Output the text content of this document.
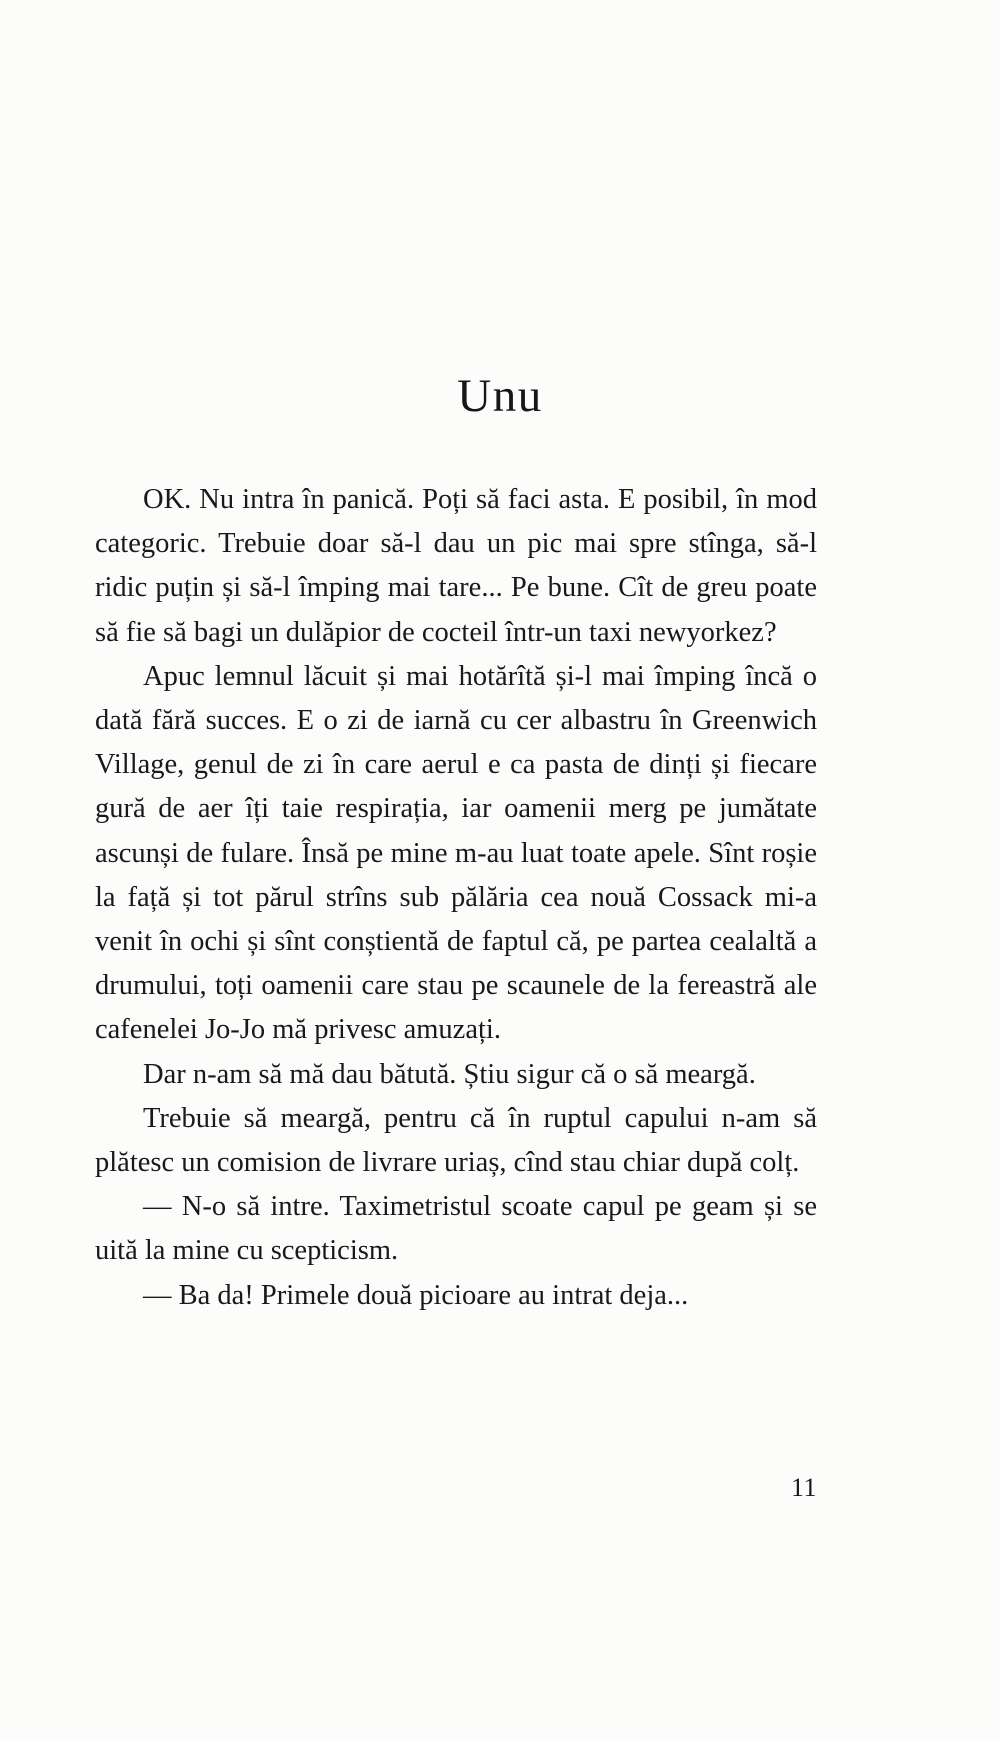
Unu

OK. Nu intra în panică. Poți să faci asta. E posibil, în mod categoric. Trebuie doar să-l dau un pic mai spre stînga, să-l ridic puțin și să-l împing mai tare... Pe bune. Cît de greu poate să fie să bagi un dulăpior de cocteil într-un taxi newyorkez?

Apuc lemnul lăcuit și mai hotărîtă și-l mai împing încă o dată fără succes. E o zi de iarnă cu cer albastru în Greenwich Village, genul de zi în care aerul e ca pasta de dinți și fiecare gură de aer îți taie respirația, iar oamenii merg pe jumătate ascunși de fulare. Însă pe mine m-au luat toate apele. Sînt roșie la față și tot părul strîns sub pălăria cea nouă Cossack mi-a venit în ochi și sînt conștientă de faptul că, pe partea cealaltă a drumului, toți oamenii care stau pe scaunele de la fereastră ale cafenelei Jo-Jo mă privesc amuzați.

Dar n-am să mă dau bătută. Știu sigur că o să meargă.

Trebuie să meargă, pentru că în ruptul capului n-am să plătesc un comision de livrare uriaș, cînd stau chiar după colț.

— N-o să intre. Taximetristul scoate capul pe geam și se uită la mine cu scepticism.

— Ba da! Primele două picioare au intrat deja...

11
